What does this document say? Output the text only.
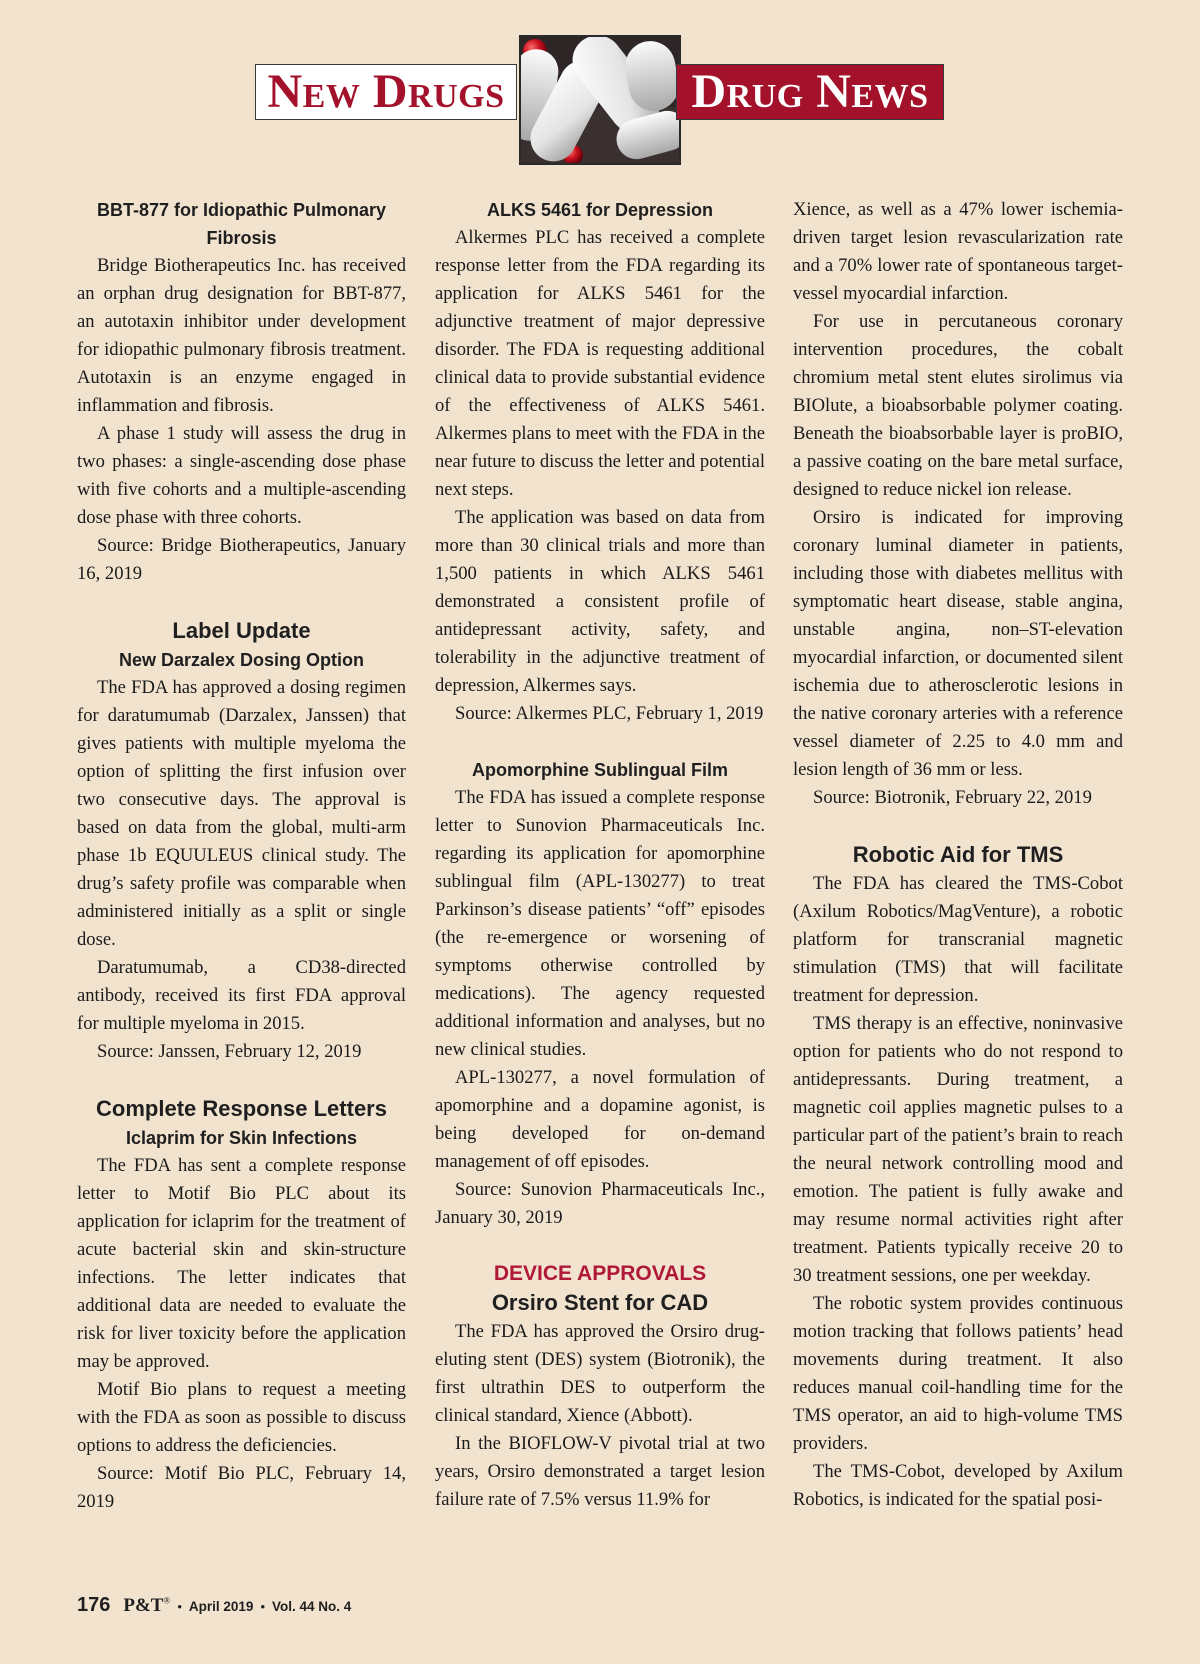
New Drugs	Drug News

BBT-877 for Idiopathic Pulmonary
Fibrosis

Bridge Biotherapeutics Inc. has received an orphan drug designation for BBT-877, an autotaxin inhibitor under development for idiopathic pulmonary fibrosis treatment. Autotaxin is an enzyme engaged in inflammation and fibrosis.

A phase 1 study will assess the drug in two phases: a single-ascending dose phase with five cohorts and a multiple-ascending dose phase with three cohorts.

Source: Bridge Biotherapeutics, January 16, 2019

Label Update

New Darzalex Dosing Option

The FDA has approved a dosing regimen for daratumumab (Darzalex, Janssen) that gives patients with multiple myeloma the option of splitting the first infusion over two consecutive days. The approval is based on data from the global, multi-arm phase 1b EQUULEUS clinical study. The drug’s safety profile was comparable when administered initially as a split or single dose.

Daratumumab, a CD38-directed antibody, received its first FDA approval for multiple myeloma in 2015.

Source: Janssen, February 12, 2019

Complete Response Letters

Iclaprim for Skin Infections

The FDA has sent a complete response letter to Motif Bio PLC about its application for iclaprim for the treatment of acute bacterial skin and skin-structure infections. The letter indicates that additional data are needed to evaluate the risk for liver toxicity before the application may be approved.

Motif Bio plans to request a meeting with the FDA as soon as possible to discuss options to address the deficiencies.

Source: Motif Bio PLC, February 14, 2019

ALKS 5461 for Depression

Alkermes PLC has received a complete response letter from the FDA regarding its application for ALKS 5461 for the adjunctive treatment of major depressive disorder. The FDA is requesting additional clinical data to provide substantial evidence of the effectiveness of ALKS 5461. Alkermes plans to meet with the FDA in the near future to discuss the letter and potential next steps.

The application was based on data from more than 30 clinical trials and more than 1,500 patients in which ALKS 5461 demonstrated a consistent profile of antidepressant activity, safety, and tolerability in the adjunctive treatment of depression, Alkermes says.

Source: Alkermes PLC, February 1, 2019

Apomorphine Sublingual Film

The FDA has issued a complete response letter to Sunovion Pharmaceuticals Inc. regarding its application for apomorphine sublingual film (APL-130277) to treat Parkinson’s disease patients’ “off” episodes (the re-emergence or worsening of symptoms otherwise controlled by medications). The agency requested additional information and analyses, but no new clinical studies.

APL-130277, a novel formulation of apomorphine and a dopamine agonist, is being developed for on-demand management of off episodes.

Source: Sunovion Pharmaceuticals Inc., January 30, 2019

DEVICE APPROVALS

Orsiro Stent for CAD

The FDA has approved the Orsiro drug-eluting stent (DES) system (Biotronik), the first ultrathin DES to outperform the clinical standard, Xience (Abbott).

In the BIOFLOW-V pivotal trial at two years, Orsiro demonstrated a target lesion failure rate of 7.5% versus 11.9% for

Xience, as well as a 47% lower ischemia-driven target lesion revascularization rate and a 70% lower rate of spontaneous target-vessel myocardial infarction.

For use in percutaneous coronary intervention procedures, the cobalt chromium metal stent elutes sirolimus via BIOlute, a bioabsorbable polymer coating. Beneath the bioabsorbable layer is proBIO, a passive coating on the bare metal surface, designed to reduce nickel ion release.

Orsiro is indicated for improving coronary luminal diameter in patients, including those with diabetes mellitus with symptomatic heart disease, stable angina, unstable angina, non–ST-elevation myocardial infarction, or documented silent ischemia due to atherosclerotic lesions in the native coronary arteries with a reference vessel diameter of 2.25 to 4.0 mm and lesion length of 36 mm or less.

Source: Biotronik, February 22, 2019

Robotic Aid for TMS

The FDA has cleared the TMS-Cobot (Axilum Robotics/MagVenture), a robotic platform for transcranial magnetic stimulation (TMS) that will facilitate treatment for depression.

TMS therapy is an effective, noninvasive option for patients who do not respond to antidepressants. During treatment, a magnetic coil applies magnetic pulses to a particular part of the patient’s brain to reach the neural network controlling mood and emotion. The patient is fully awake and may resume normal activities right after treatment. Patients typically receive 20 to 30 treatment sessions, one per weekday.

The robotic system provides continuous motion tracking that follows patients’ head movements during treatment. It also reduces manual coil-handling time for the TMS operator, an aid to high-volume TMS providers.

The TMS-Cobot, developed by Axilum Robotics, is indicated for the spatial posi-

176 P&T® • April 2019 • Vol. 44 No. 4
